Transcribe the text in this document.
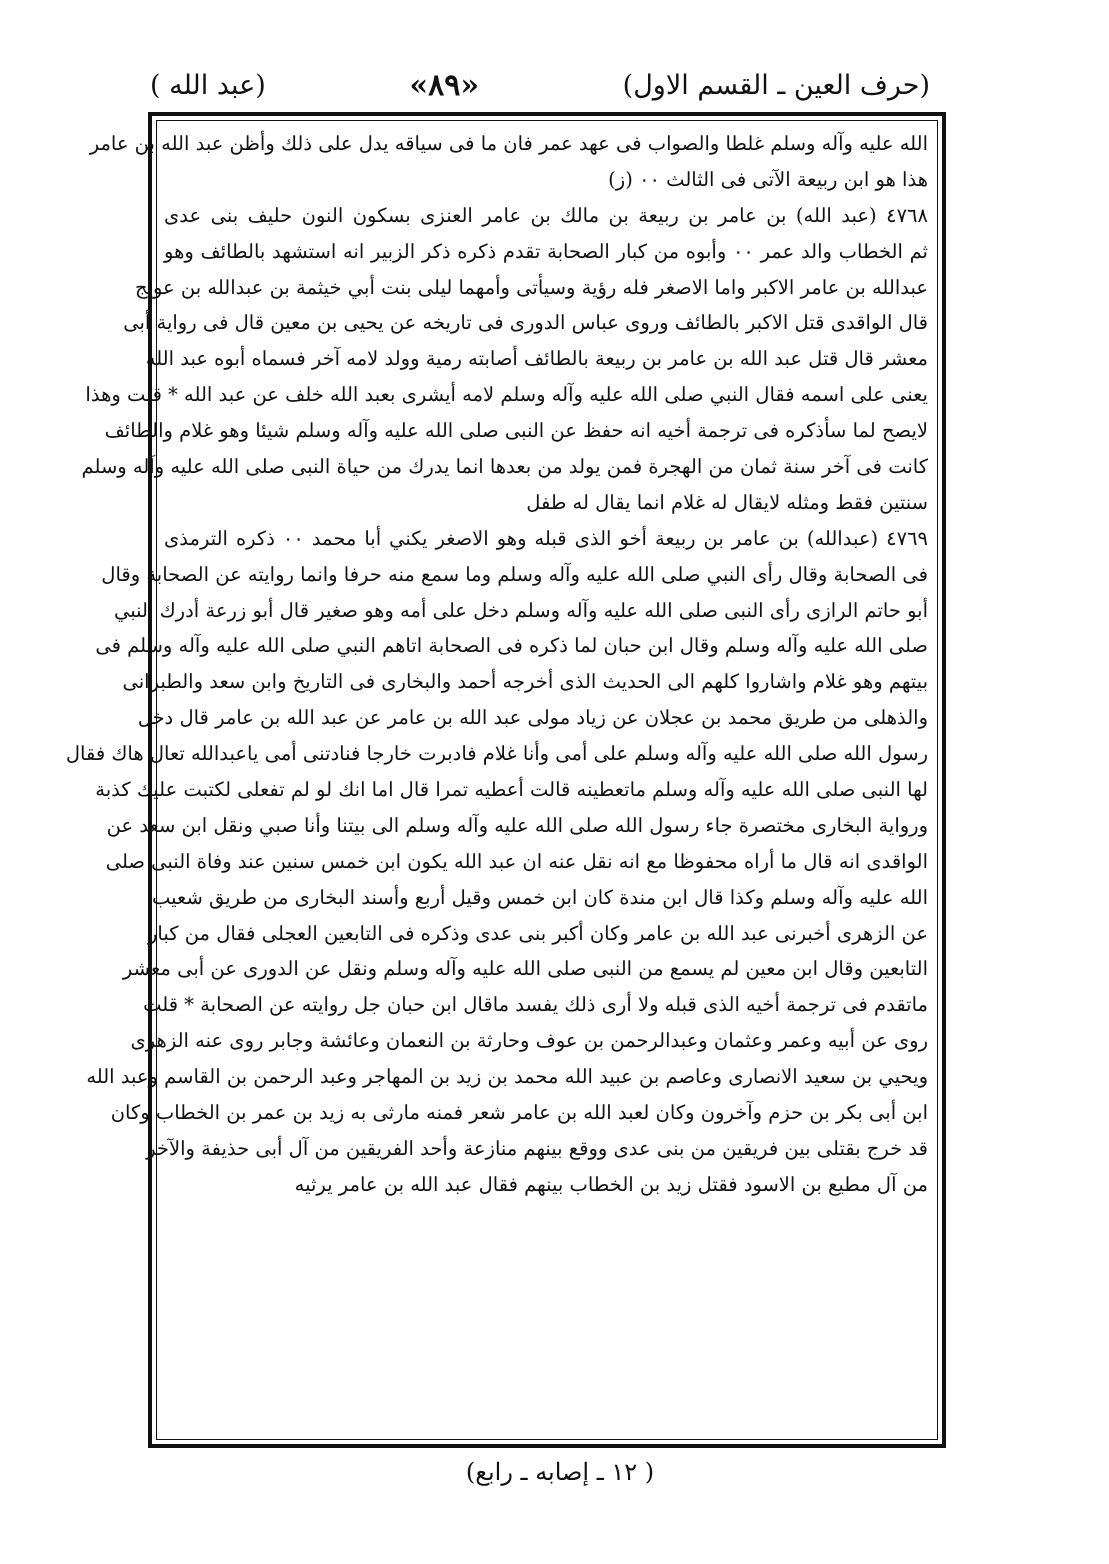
(حرف العين ـ القسم الاول)
«٨٩»
(عبد الله )
الله عليه وآله وسلم غلطا والصواب فى عهد عمر فان ما فى سياقه يدل على ذلك وأظن عبد الله بن عامر
هذا هو ابن ربيعة الآتى فى الثالث ٠٠ (ز)
٤٧٦٨ (عبد الله) بن عامر بن ربيعة بن مالك بن عامر العنزى بسكون النون حليف بنى عدى
ثم الخطاب والد عمر ٠٠ وأبوه من كبار الصحابة تقدم ذكره ذكر الزبير انه استشهد بالطائف وهو
عبدالله بن عامر الاكبر واما الاصغر فله رؤية وسيأتى وأمهما ليلى بنت أبي خيثمة بن عبدالله بن عويج
قال الواقدى قتل الاكبر بالطائف وروى عباس الدورى فى تاريخه عن يحيى بن معين قال فى رواية أبى
معشر قال قتل عبد الله بن عامر بن ربيعة بالطائف أصابته رمية وولد لامه آخر فسماه أبوه عبد الله
يعنى على اسمه فقال النبي صلى الله عليه وآله وسلم لامه أيشرى بعبد الله خلف عن عبد الله * قلت وهذا
لايصح لما سأذكره فى ترجمة أخيه انه حفظ عن النبى صلى الله عليه وآله وسلم شيئا وهو غلام والطائف
كانت فى آخر سنة ثمان من الهجرة فمن يولد من بعدها انما يدرك من حياة النبى صلى الله عليه وآله وسلم
سنتين فقط ومثله لايقال له غلام انما يقال له طفل
٤٧٦٩ (عبدالله) بن عامر بن ربيعة أخو الذى قبله وهو الاصغر يكني أبا محمد ٠٠ ذكره الترمذى
فى الصحابة وقال رأى النبي صلى الله عليه وآله وسلم وما سمع منه حرفا وانما روايته عن الصحابة وقال
أبو حاتم الرازى رأى النبى صلى الله عليه وآله وسلم دخل على أمه وهو صغير قال أبو زرعة أدرك النبي
صلى الله عليه وآله وسلم وقال ابن حبان لما ذكره فى الصحابة اتاهم النبي صلى الله عليه وآله وسلم فى
بيتهم وهو غلام واشاروا كلهم الى الحديث الذى أخرجه أحمد والبخارى فى التاريخ وابن سعد والطبرانى
والذهلى من طريق محمد بن عجلان عن زياد مولى عبد الله بن عامر عن عبد الله بن عامر قال دخل
رسول الله صلى الله عليه وآله وسلم على أمى وأنا غلام فادبرت خارجا فنادتنى أمى ياعبدالله تعال هاك فقال
لها النبى صلى الله عليه وآله وسلم ماتعطينه قالت أعطيه تمرا قال اما انك لو لم تفعلى لكتبت عليك كذبة
ورواية البخارى مختصرة جاء رسول الله صلى الله عليه وآله وسلم الى بيتنا وأنا صبي ونقل ابن سعد عن
الواقدى انه قال ما أراه محفوظا مع انه نقل عنه ان عبد الله يكون ابن خمس سنين عند وفاة النبى صلى
الله عليه وآله وسلم وكذا قال ابن مندة كان ابن خمس وقيل أربع وأسند البخارى من طريق شعيب
عن الزهرى أخبرنى عبد الله بن عامر وكان أكبر بنى عدى وذكره فى التابعين العجلى فقال من كبار
التابعين وقال ابن معين لم يسمع من النبى صلى الله عليه وآله وسلم ونقل عن الدورى عن أبى معشر
ماتقدم فى ترجمة أخيه الذى قبله ولا أرى ذلك يفسد ماقال ابن حبان جل روايته عن الصحابة * قلت
روى عن أبيه وعمر وعثمان وعبدالرحمن بن عوف وحارثة بن النعمان وعائشة وجابر روى عنه الزهرى
ويحيي بن سعيد الانصارى وعاصم بن عبيد الله محمد بن زيد بن المهاجر وعبد الرحمن بن القاسم وعبد الله
ابن أبى بكر بن حزم وآخرون وكان لعبد الله بن عامر شعر فمنه مارثى به زيد بن عمر بن الخطاب وكان
قد خرج بقتلى بين فريقين من بنى عدى ووقع بينهم منازعة وأحد الفريقين من آل أبى حذيفة والآخر
من آل مطيع بن الاسود فقتل زيد بن الخطاب بينهم فقال عبد الله بن عامر يرثيه
( ١٢ ـ إصابه ـ رابع)
